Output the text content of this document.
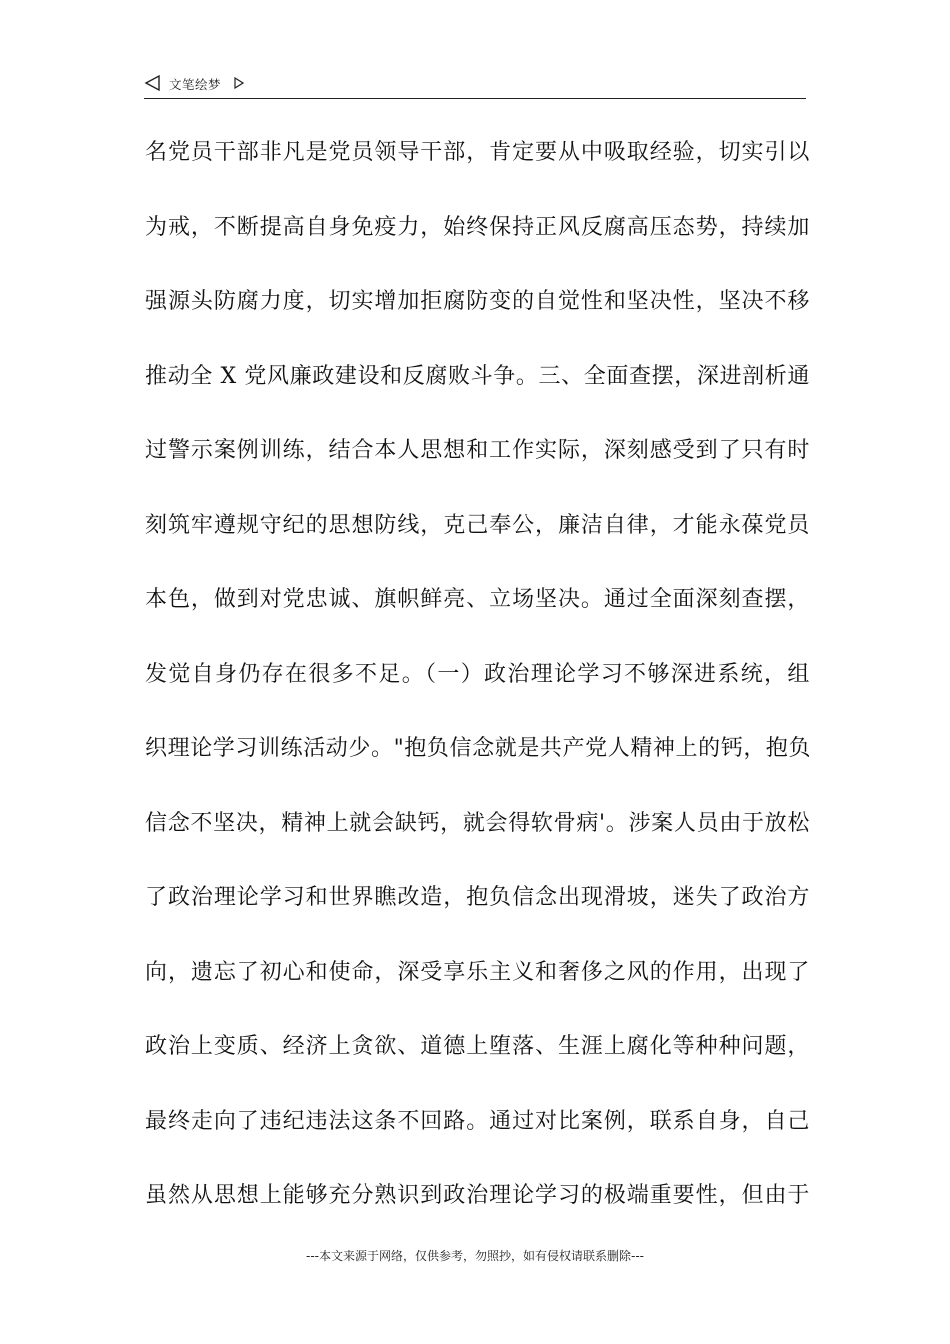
文笔绘梦
名党员干部非凡是党员领导干部，肯定要从中吸取经验，切实引以
为戒，不断提高自身免疫力，始终保持正风反腐高压态势，持续加
强源头防腐力度，切实增加拒腐防变的自觉性和坚决性，坚决不移
推动全 X 党风廉政建设和反腐败斗争。三、全面查摆，深进剖析通
过警示案例训练，结合本人思想和工作实际，深刻感受到了只有时
刻筑牢遵规守纪的思想防线，克己奉公，廉洁自律，才能永葆党员
本色，做到对党忠诚、旗帜鲜亮、立场坚决。通过全面深刻查摆，
发觉自身仍存在很多不足。（一）政治理论学习不够深进系统，组
织理论学习训练活动少。"抱负信念就是共产党人精神上的钙，抱负
信念不坚决，精神上就会缺钙，就会得软骨病'。涉案人员由于放松
了政治理论学习和世界瞧改造，抱负信念出现滑坡，迷失了政治方
向，遗忘了初心和使命，深受享乐主义和奢侈之风的作用，出现了
政治上变质、经济上贪欲、道德上堕落、生涯上腐化等种种问题，
最终走向了违纪违法这条不回路。通过对比案例，联系自身，自己
虽然从思想上能够充分熟识到政治理论学习的极端重要性，但由于
---本文来源于网络，仅供参考，勿照抄，如有侵权请联系删除---
